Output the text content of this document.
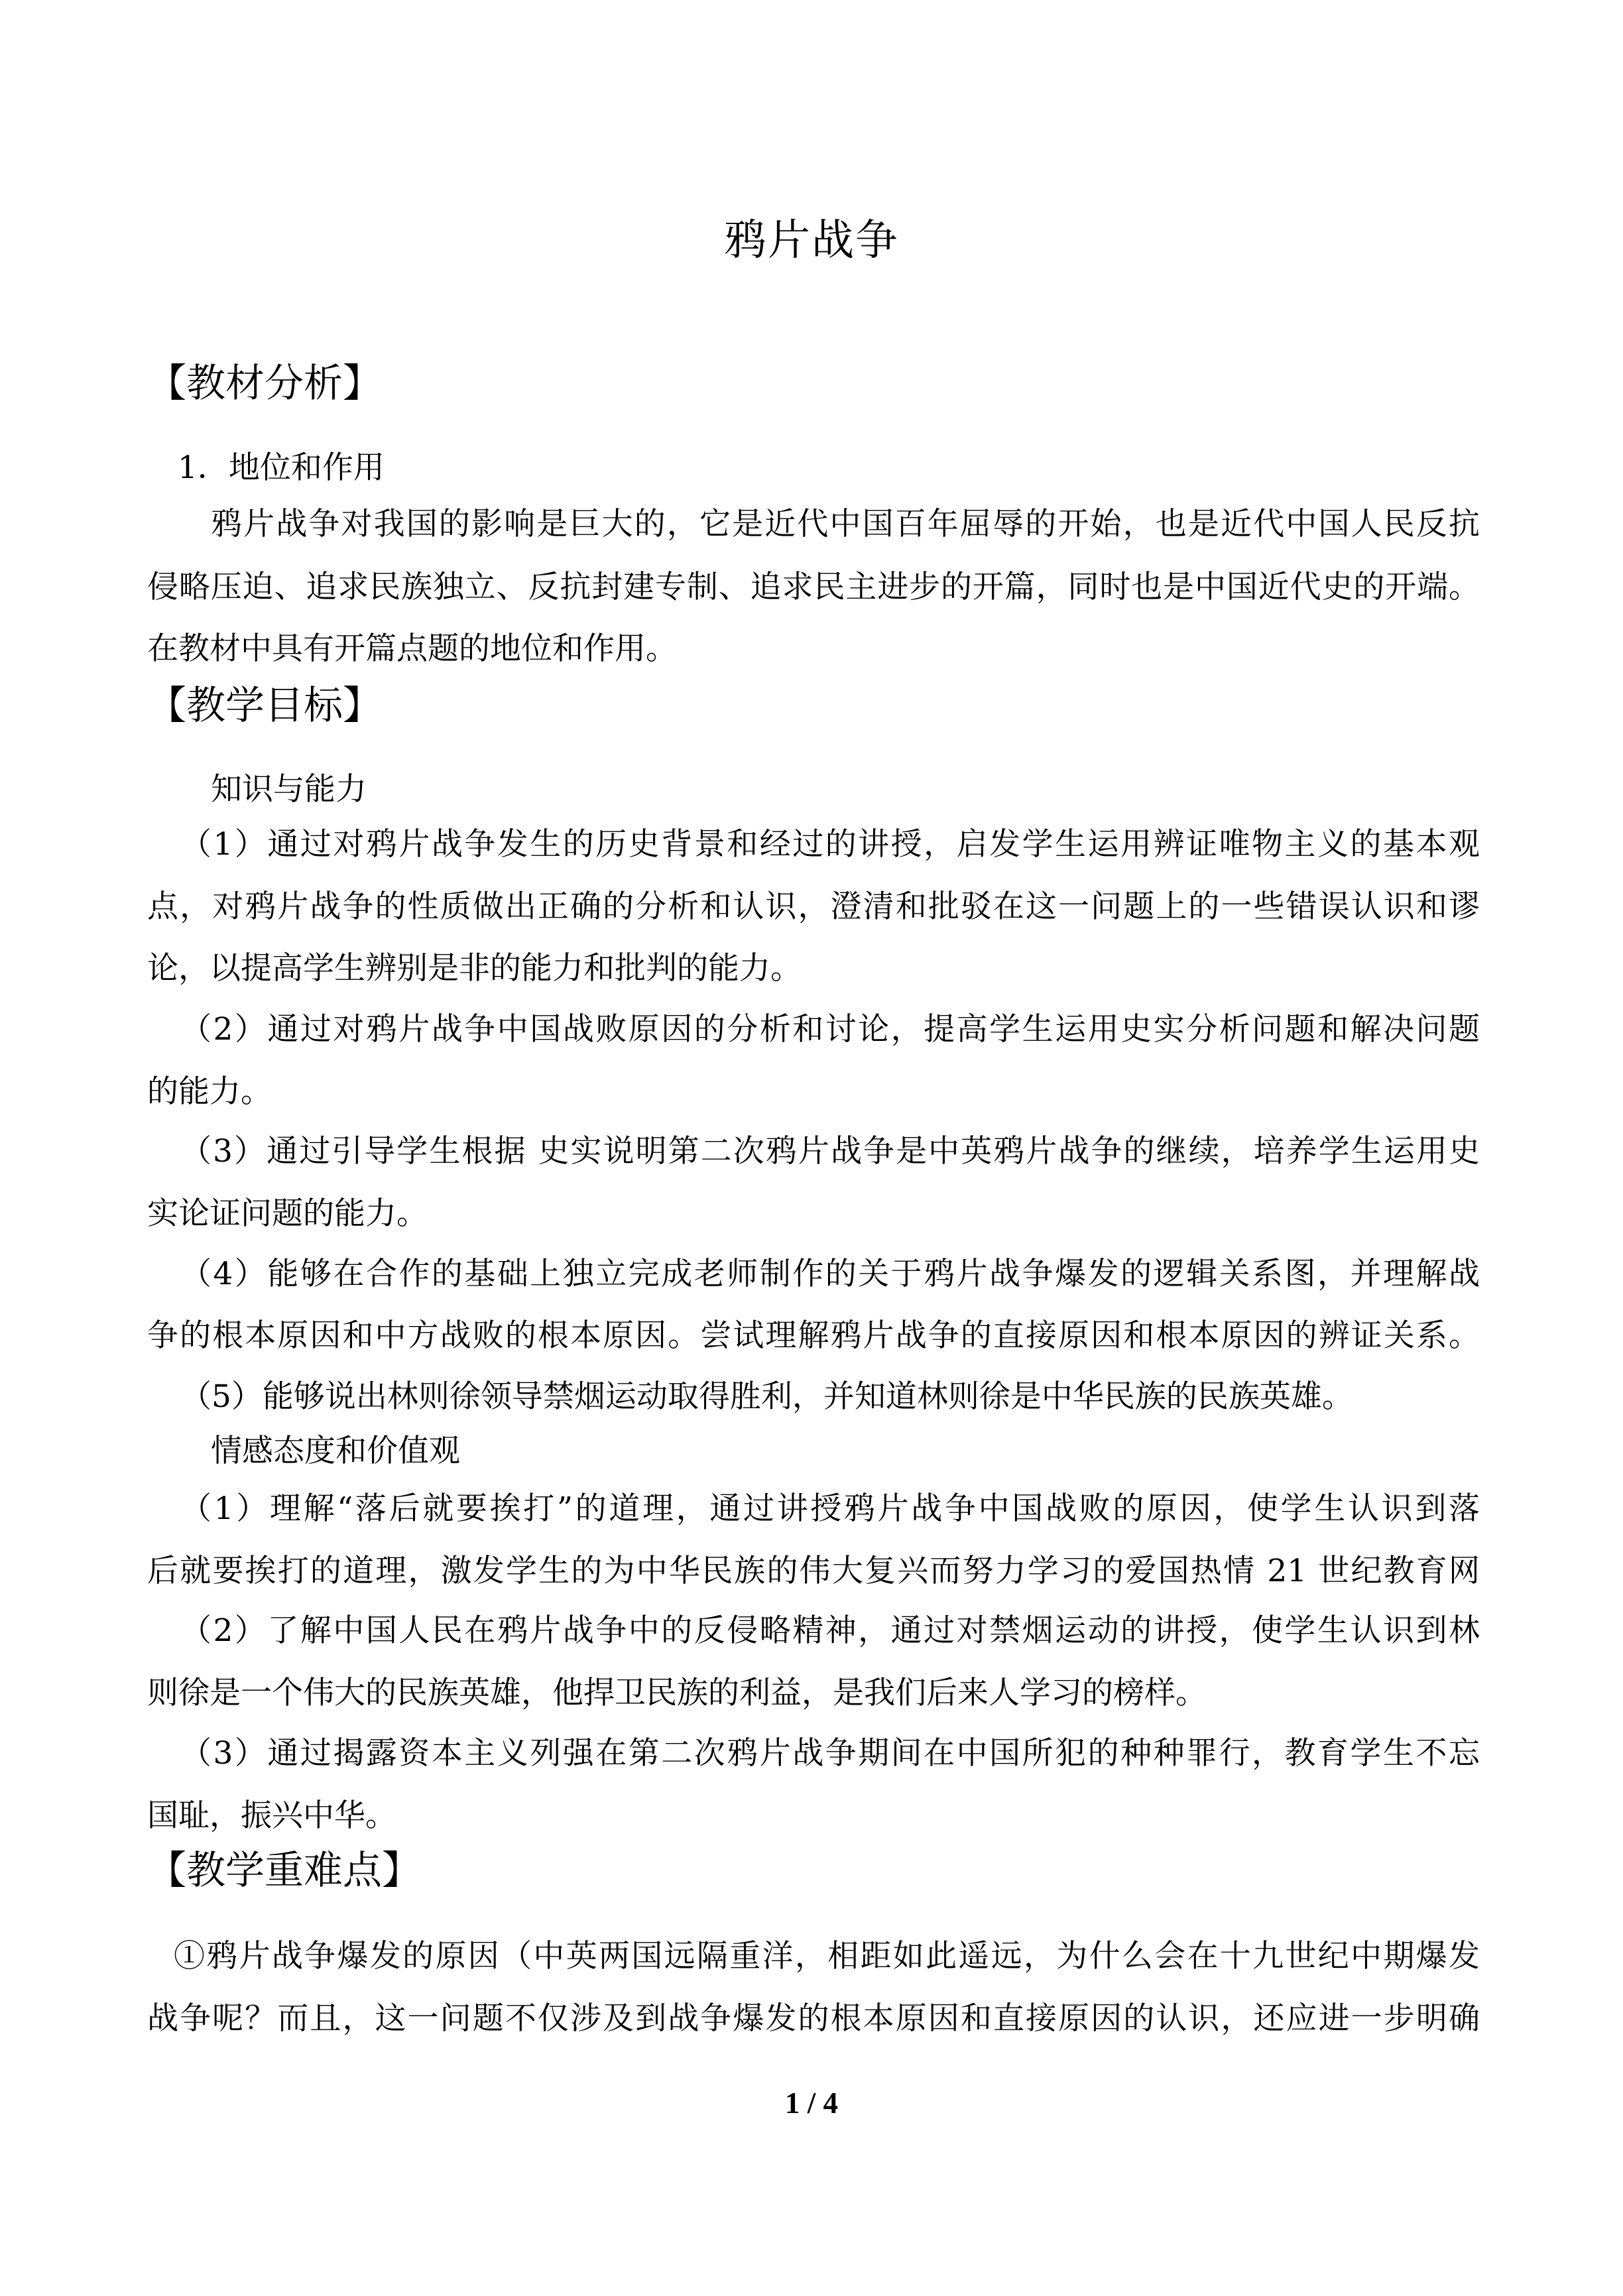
鸦片战争
【教材分析】
1．地位和作用
鸦片战争对我国的影响是巨大的，它是近代中国百年屈辱的开始，也是近代中国人民反抗
侵略压迫、追求民族独立、反抗封建专制、追求民主进步的开篇，同时也是中国近代史的开端。
在教材中具有开篇点题的地位和作用。
【教学目标】
知识与能力
（1）通过对鸦片战争发生的历史背景和经过的讲授，启发学生运用辨证唯物主义的基本观
点，对鸦片战争的性质做出正确的分析和认识，澄清和批驳在这一问题上的一些错误认识和谬
论，以提高学生辨别是非的能力和批判的能力。
（2）通过对鸦片战争中国战败原因的分析和讨论，提高学生运用史实分析问题和解决问题
的能力。
（3）通过引导学生根据 史实说明第二次鸦片战争是中英鸦片战争的继续，培养学生运用史
实论证问题的能力。
（4）能够在合作的基础上独立完成老师制作的关于鸦片战争爆发的逻辑关系图，并理解战
争的根本原因和中方战败的根本原因。尝试理解鸦片战争的直接原因和根本原因的辨证关系。
（5）能够说出林则徐领导禁烟运动取得胜利，并知道林则徐是中华民族的民族英雄。
情感态度和价值观
（1）理解“落后就要挨打”的道理，通过讲授鸦片战争中国战败的原因，使学生认识到落
后就要挨打的道理，激发学生的为中华民族的伟大复兴而努力学习的爱国热情 21 世纪教育网
（2）了解中国人民在鸦片战争中的反侵略精神，通过对禁烟运动的讲授，使学生认识到林
则徐是一个伟大的民族英雄，他捍卫民族的利益，是我们后来人学习的榜样。
（3）通过揭露资本主义列强在第二次鸦片战争期间在中国所犯的种种罪行，教育学生不忘
国耻，振兴中华。
【教学重难点】
①鸦片战争爆发的原因（中英两国远隔重洋，相距如此遥远，为什么会在十九世纪中期爆发
战争呢？而且，这一问题不仅涉及到战争爆发的根本原因和直接原因的认识，还应进一步明确
1 / 4
